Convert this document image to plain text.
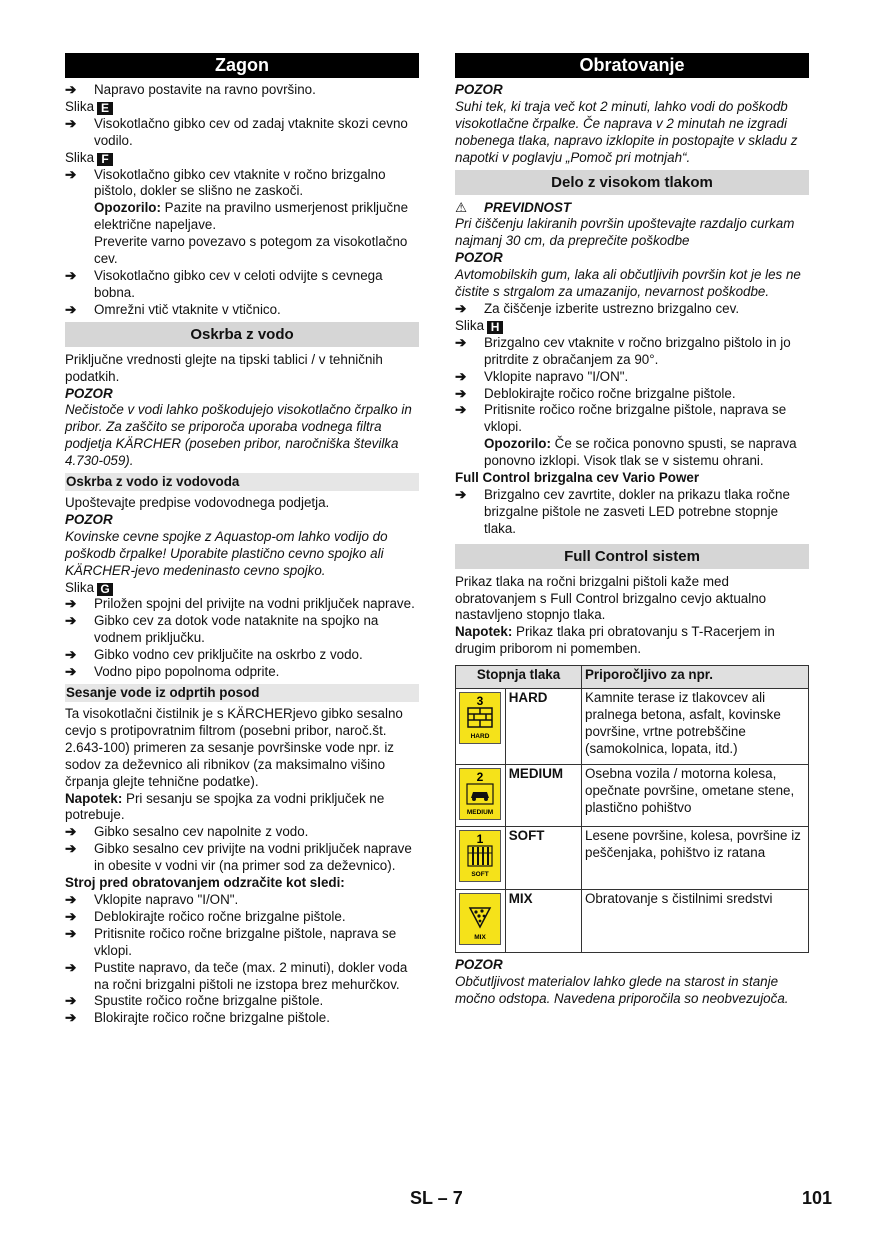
Zagon
➔ Napravo postavite na ravno površino.
Slika E
➔ Visokotlačno gibko cev od zadaj vtaknite skozi cevno vodilo.
Slika F
➔ Visokotlačno gibko cev vtaknite v ročno brizgalno pištolo, dokler se slišno ne zaskoči.
Opozorilo: Pazite na pravilno usmerjenost priključne električne napeljave.
Preverite varno povezavo s potegom za visokotlačno cev.
➔ Visokotlačno gibko cev v celoti odvijte s cevnega bobna.
➔ Omrežni vtič vtaknite v vtičnico.
Oskrba z vodo
Priključne vrednosti glejte na tipski tablici / v tehničnih podatkih.
POZOR
Nečistoče v vodi lahko poškodujejo visokotlačno črpalko in pribor. Za zaščito se priporoča uporaba vodnega filtra podjetja KÄRCHER (poseben pribor, naročniška številka 4.730-059).
Oskrba z vodo iz vodovoda
Upoštevajte predpise vodovodnega podjetja.
POZOR
Kovinske cevne spojke z Aquastop-om lahko vodijo do poškodb črpalke! Uporabite plastično cevno spojko ali KÄRCHER-jevo medeninasto cevno spojko.
Slika G
➔ Priložen spojni del privijte na vodni priključek naprave.
➔ Gibko cev za dotok vode nataknite na spojko na vodnem priključku.
➔ Gibko vodno cev priključite na oskrbo z vodo.
➔ Vodno pipo popolnoma odprite.
Sesanje vode iz odprtih posod
Ta visokotlačni čistilnik je s KÄRCHERjevo gibko sesalno cevjo s protipovratnim filtrom (posebni pribor, naroč.št. 2.643-100) primeren za sesanje površinske vode npr. iz sodov za deževnico ali ribnikov (za maksimalno višino črpanja glejte tehnične podatke).
Napotek: Pri sesanju se spojka za vodni priključek ne potrebuje.
➔ Gibko sesalno cev napolnite z vodo.
➔ Gibko sesalno cev privijte na vodni priključek naprave in obesite v vodni vir (na primer sod za deževnico).
Stroj pred obratovanjem odzračite kot sledi:
➔ Vklopite napravo "I/ON".
➔ Deblokirajte ročico ročne brizgalne pištole.
➔ Pritisnite ročico ročne brizgalne pištole, naprava se vklopi.
➔ Pustite napravo, da teče (max. 2 minuti), dokler voda na ročni brizgalni pištoli ne izstopa brez mehurčkov.
➔ Spustite ročico ročne brizgalne pištole.
➔ Blokirajte ročico ročne brizgalne pištole.
Obratovanje
POZOR
Suhi tek, ki traja več kot 2 minuti, lahko vodi do poškodb visokotlačne črpalke. Če naprava v 2 minutah ne izgradi nobenega tlaka, napravo izklopite in postopajte v skladu z napotki v poglavju „Pomoč pri motnjah“.
Delo z visokom tlakom
⚠ PREVIDNOST
Pri čiščenju lakiranih površin upoštevajte razdaljo curkam najmanj 30 cm, da preprečite poškodbe
POZOR
Avtomobilskih gum, laka ali občutljivih površin kot je les ne čistite s strgalom za umazanijo, nevarnost poškodbe.
➔ Za čiščenje izberite ustrezno brizgalno cev.
Slika H
➔ Brizgalno cev vtaknite v ročno brizgalno pištolo in jo pritrdite z obračanjem za 90°.
➔ Vklopite napravo "I/ON".
➔ Deblokirajte ročico ročne brizgalne pištole.
➔ Pritisnite ročico ročne brizgalne pištole, naprava se vklopi.
Opozorilo: Če se ročica ponovno spusti, se naprava ponovno izklopi. Visok tlak se v sistemu ohrani.
Full Control brizgalna cev Vario Power
➔ Brizgalno cev zavrtite, dokler na prikazu tlaka ročne brizgalne pištole ne zasveti LED potrebne stopnje tlaka.
Full Control sistem
Prikaz tlaka na ročni brizgalni pištoli kaže med obratovanjem s Full Control brizgalno cevjo aktualno nastavljeno stopnjo tlaka.
Napotek: Prikaz tlaka pri obratovanju s T-Racerjem in drugim priborom ni pomemben.
Stopnja tlaka		Priporočljivo za npr.

3
HARD	HARD	Kamnite terase iz tlakovcev ali pralnega betona, asfalt, kovinske površine, vrtne potrebščine (samokolnica, lopata, itd.)

2
MEDIUM	MEDIUM	Osebna vozila / motorna kolesa, opečnate površine, ometane stene, plastično pohištvo

1
SOFT	SOFT	Lesene površine, kolesa, površine iz peščenjaka, pohištvo iz ratana

MIX	MIX	Obratovanje s čistilnimi sredstvi
POZOR
Občutljivost materialov lahko glede na starost in stanje močno odstopa. Navedena priporočila so neobvezujoča.
SL – 7	101
